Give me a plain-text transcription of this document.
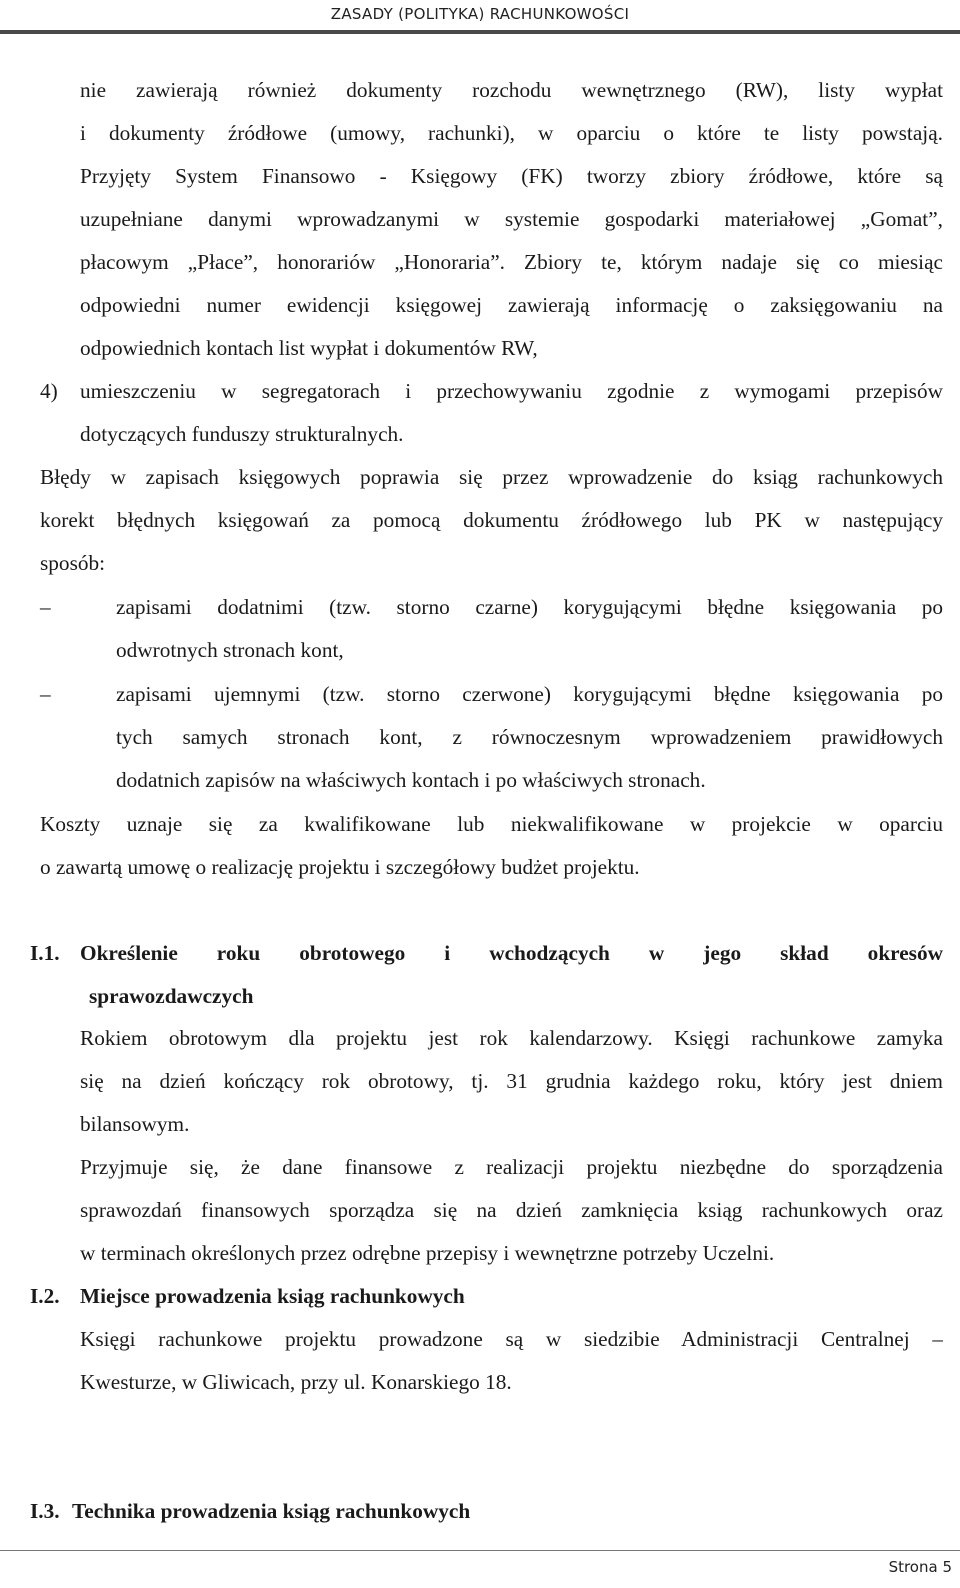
ZASADY (POLITYKA) RACHUNKOWOŚCI
nie zawierają również dokumenty rozchodu wewnętrznego (RW), listy wypłat
i dokumenty źródłowe (umowy, rachunki), w oparciu o które te listy powstają.
Przyjęty System Finansowo - Księgowy (FK) tworzy zbiory źródłowe, które są
uzupełniane danymi wprowadzanymi w systemie gospodarki materiałowej „Gomat”,
płacowym „Płace”, honorariów „Honoraria”. Zbiory te, którym nadaje się co miesiąc
odpowiedni numer ewidencji księgowej zawierają informację o zaksięgowaniu na
odpowiednich kontach list wypłat i dokumentów RW,
4) umieszczeniu w segregatorach i przechowywaniu zgodnie z wymogami przepisów
dotyczących funduszy strukturalnych.
Błędy w zapisach księgowych poprawia się przez wprowadzenie do ksiąg rachunkowych
korekt błędnych księgowań za pomocą dokumentu źródłowego lub PK w następujący
sposób:
–	zapisami dodatnimi (tzw. storno czarne) korygującymi błędne księgowania po
odwrotnych stronach kont,
–	zapisami ujemnymi (tzw. storno czerwone) korygującymi błędne księgowania po
tych samych stronach kont, z równoczesnym wprowadzeniem prawidłowych
dodatnich zapisów na właściwych kontach i po właściwych stronach.
Koszty uznaje się za kwalifikowane lub niekwalifikowane w projekcie w oparciu
o zawartą umowę o realizację projektu i szczegółowy budżet projektu.
I.1. Określenie roku obrotowego i wchodzących w jego skład okresów
sprawozdawczych
Rokiem obrotowym dla projektu jest rok kalendarzowy. Księgi rachunkowe zamyka
się na dzień kończący rok obrotowy, tj. 31 grudnia każdego roku, który jest dniem
bilansowym.
Przyjmuje się, że dane finansowe z realizacji projektu niezbędne do sporządzenia
sprawozdań finansowych sporządza się na dzień zamknięcia ksiąg rachunkowych oraz
w terminach określonych przez odrębne przepisy i wewnętrzne potrzeby Uczelni.
I.2. Miejsce prowadzenia ksiąg rachunkowych
Księgi rachunkowe projektu prowadzone są w siedzibie Administracji Centralnej –
Kwesturze, w Gliwicach, przy ul. Konarskiego 18.
I.3. Technika prowadzenia ksiąg rachunkowych
Strona 5
